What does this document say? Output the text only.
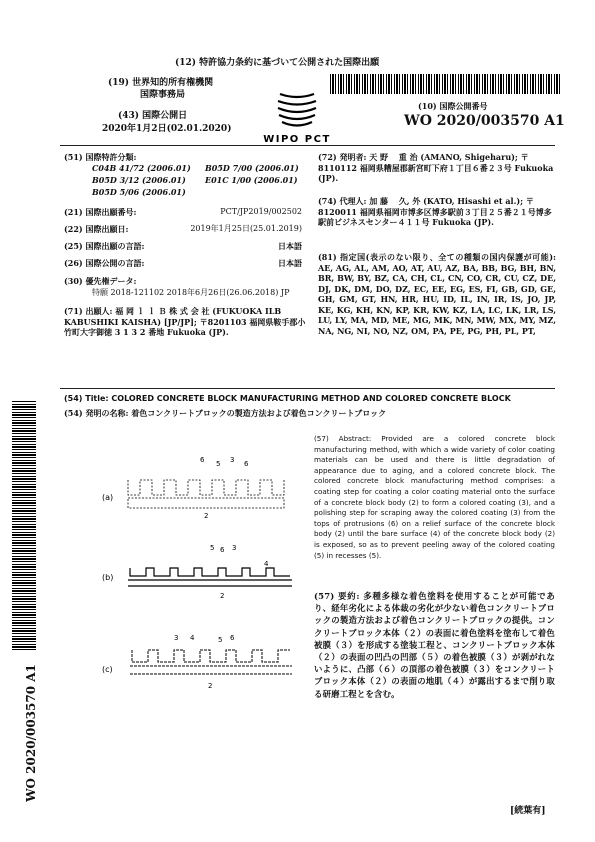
(12) 特許協力条約に基づいて公開された国際出願
(19) 世界知的所有権機関
国際事務局
(43) 国際公開日
2020年1月2日(02.01.2020)
WIPO PCT
(10) 国際公開番号
WO 2020/003570 A1
(51) 国際特許分類:
C04B 41/72 (2006.01) B05D 7/00 (2006.01)
B05D 3/12 (2006.01) E01C 1/00 (2006.01)
B05D 5/06 (2006.01)
(21) 国際出願番号:	PCT/JP2019/002502
(22) 国際出願日:	2019年1月25日(25.01.2019)
(25) 国際出願の言語:	日本語
(26) 国際公開の言語:	日本語
(30) 優先権データ:
特願 2018-121102 2018年6月26日(26.06.2018) JP
(71) 出願人: 福 岡 ｌ ｌ Ｂ 株 式 会 社 (FUKUOKA ILB KABUSHIKI KAISHA) [JP/JP]; 〒8201103 福岡県鞍手郡小竹町大字御徳 3 1 3 2 番地 Fukuoka (JP).
(72) 発明者: 天 野 　重 治 (AMANO, Shigeharu); 〒8110112 福岡県糟屋郡新宮町下府１丁目６番２３号 Fukuoka (JP).
(74) 代理人: 加 藤 　久, 外 (KATO, Hisashi et al.); 〒8120011 福岡県福岡市博多区博多駅前３丁目２５番２１号博多駅前ビジネスセンター４１１号 Fukuoka (JP).
(81) 指定国(表示のない限り、全ての種類の国内保護が可能): AE, AG, AL, AM, AO, AT, AU, AZ, BA, BB, BG, BH, BN, BR, BW, BY, BZ, CA, CH, CL, CN, CO, CR, CU, CZ, DE, DJ, DK, DM, DO, DZ, EC, EE, EG, ES, FI, GB, GD, GE, GH, GM, GT, HN, HR, HU, ID, IL, IN, IR, IS, JO, JP, KE, KG, KH, KN, KP, KR, KW, KZ, LA, LC, LK, LR, LS, LU, LY, MA, MD, ME, MG, MK, MN, MW, MX, MY, MZ, NA, NG, NI, NO, NZ, OM, PA, PE, PG, PH, PL, PT,
(54) Title: COLORED CONCRETE BLOCK MANUFACTURING METHOD AND COLORED CONCRETE BLOCK
(54) 発明の名称: 着色コンクリートブロックの製造方法および着色コンクリートブロック
WO 2020/003570 A1
(a)
6 5 3 6
2
(b)
5 6 3
4
2
(c)
3 4	5 6
2
(57) Abstract: Provided are a colored concrete block manufacturing method, with which a wide variety of color coating materials can be used and there is little degradation of appearance due to aging, and a colored concrete block. The colored concrete block manufacturing method comprises: a coating step for coating a color coating material onto the surface of a concrete block body (2) to form a colored coating (3), and a polishing step for scraping away the colored coating (3) from the tops of protrusions (6) on a relief surface of the concrete block body (2) until the bare surface (4) of the concrete block body (2) is exposed, so as to prevent peeling away of the colored coating (5) in recesses (5).
(57) 要約: 多種多様な着色塗料を使用することが可能であり、経年劣化による体裁の劣化が少ない着色コンクリートブロックの製造方法および着色コンクリートブロックの提供。コンクリートブロック本体（２）の表面に着色塗料を塗布して着色被膜（３）を形成する塗装工程と、コンクリートブロック本体（２）の表面の凹凸の凹部（５）の着色被膜（３）が剥がれないように、凸部（６）の頂部の着色被膜（３）をコンクリートブロック本体（２）の表面の地肌（４）が露出するまで削り取る研磨工程とを含む。
[続葉有]
